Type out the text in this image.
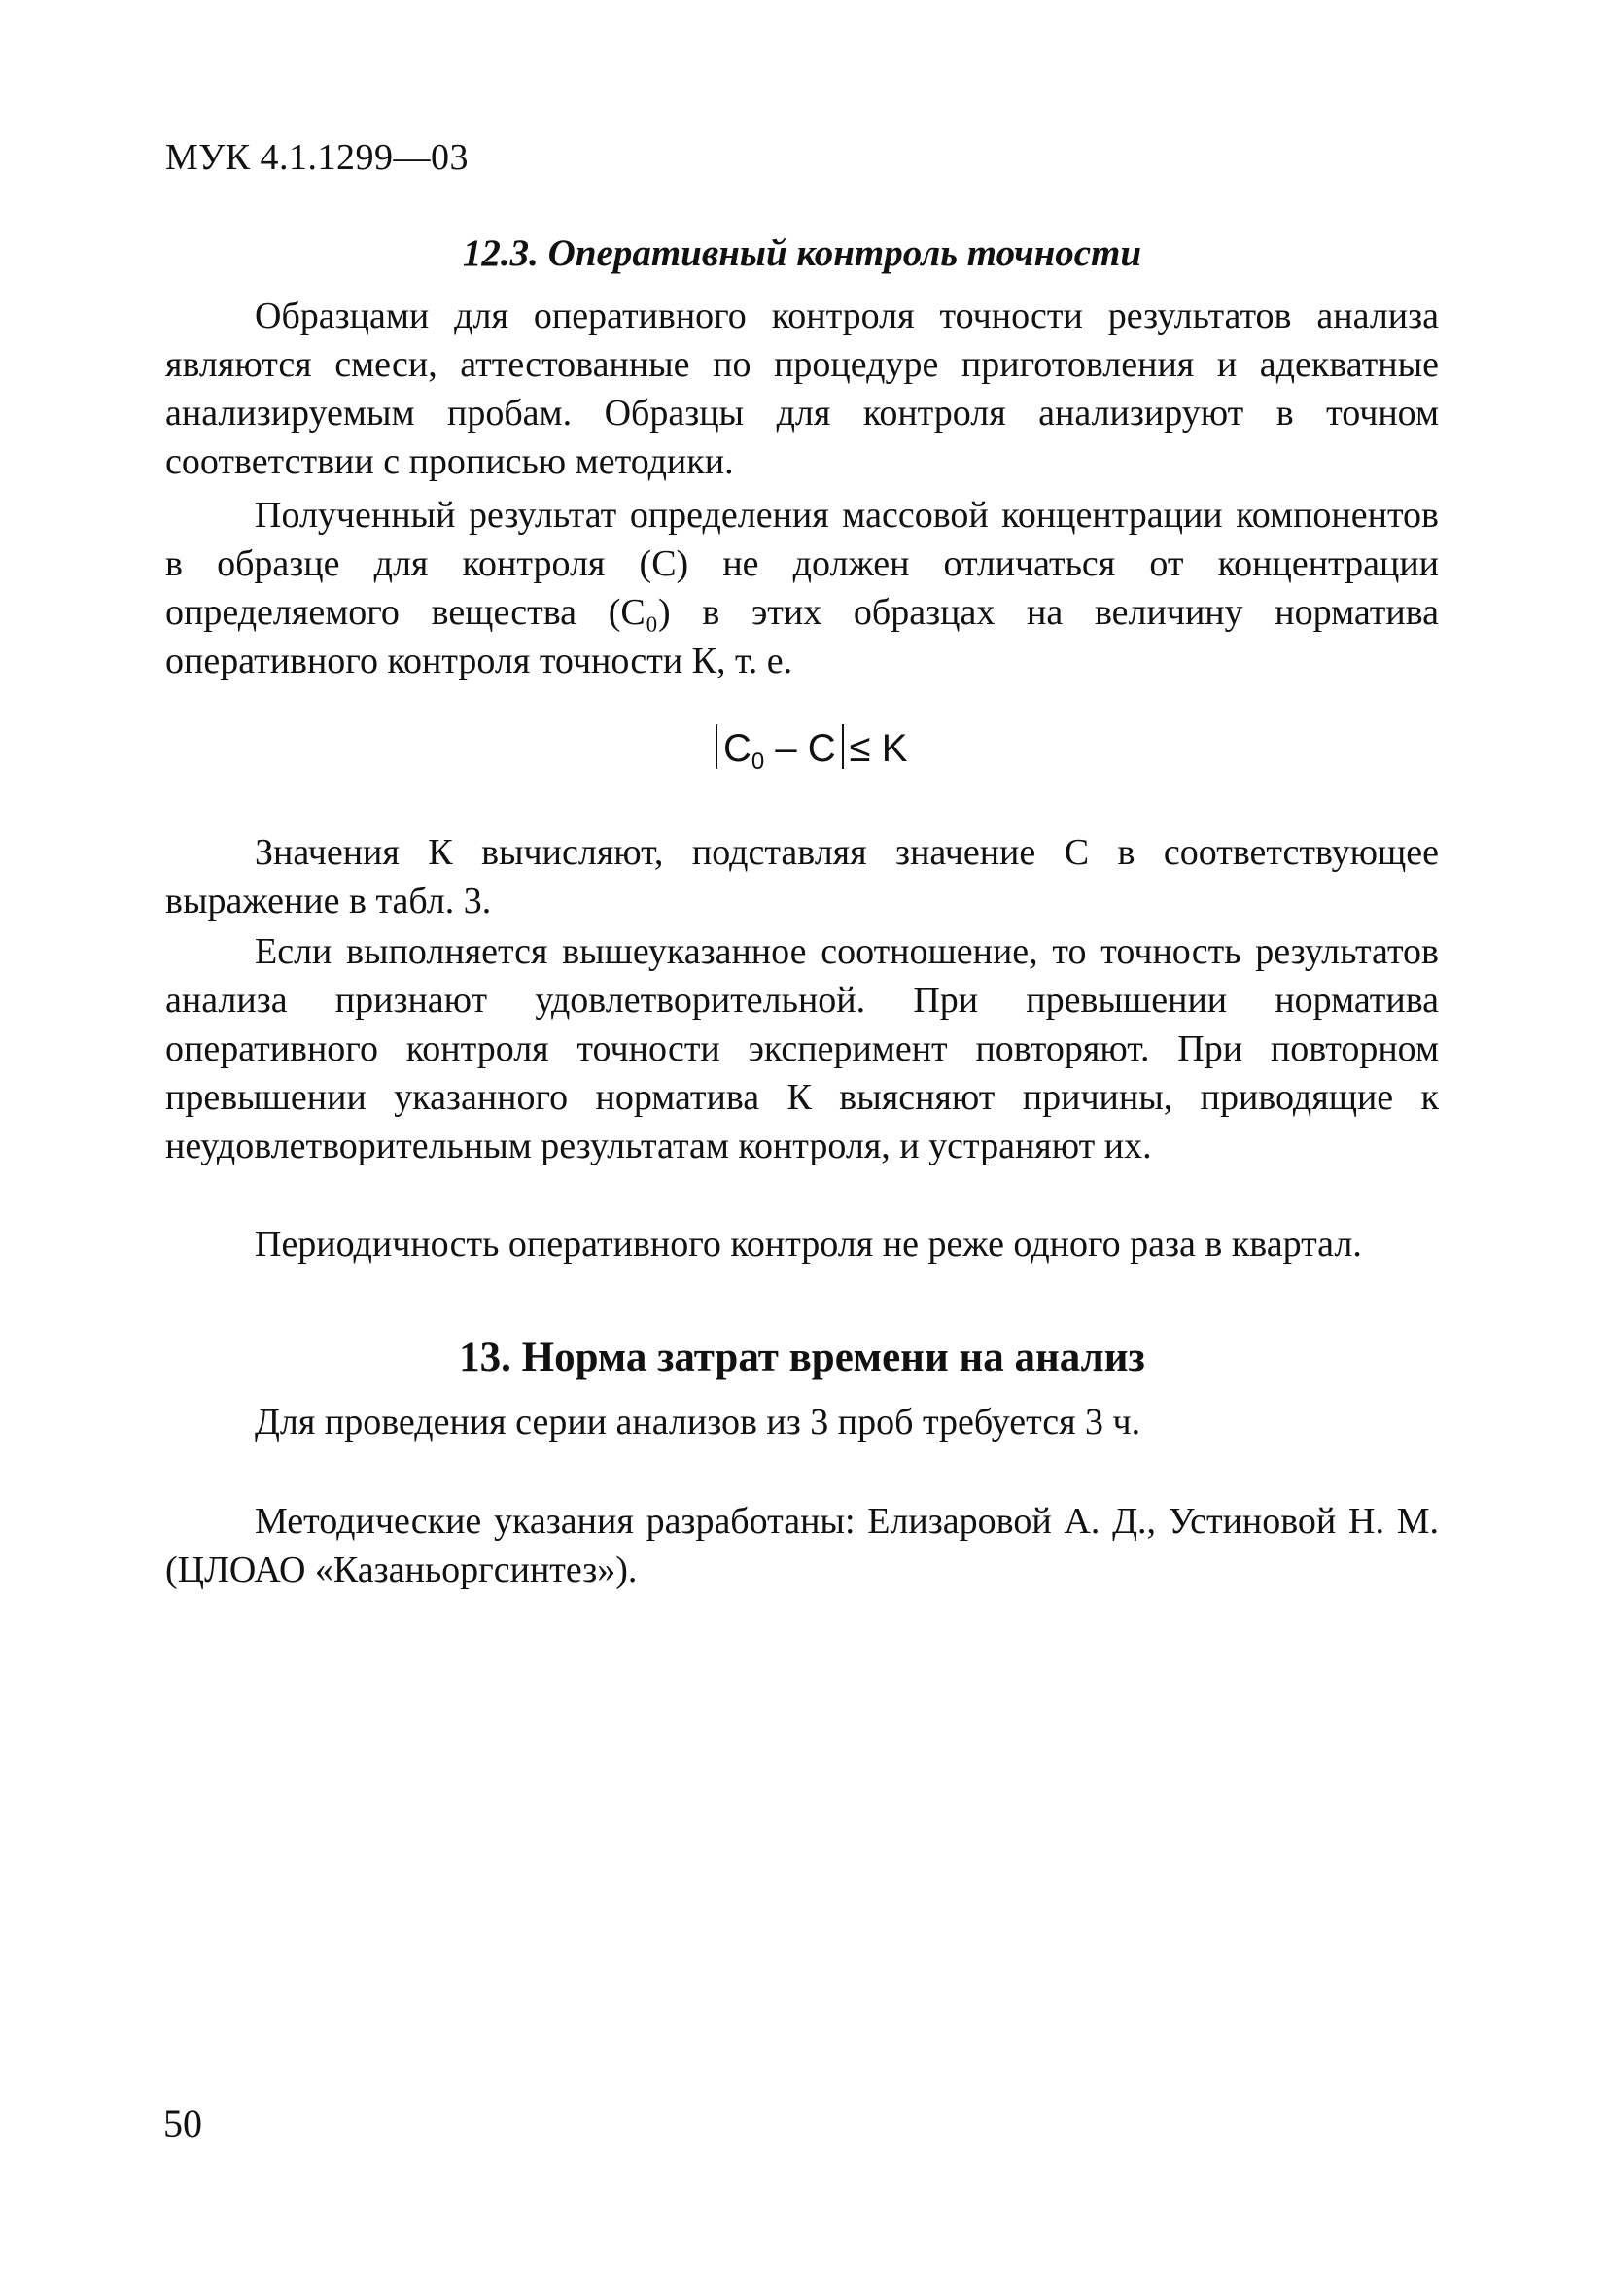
МУК 4.1.1299—03
12.3. Оперативный контроль точности

Образцами для оперативного контроля точности результатов анализа являются смеси, аттестованные по процедуре приготовления и адекватные анализируемым пробам. Образцы для контроля анализируют в точном соответствии с прописью методики.

Полученный результат определения массовой концентрации компонентов в образце для контроля (С) не должен отличаться от концентрации определяемого вещества (С₀) в этих образцах на величину норматива оперативного контроля точности К, т. е.

$C_0 - C \le K$

Значения К вычисляют, подставляя значение С в соответствующее выражение в табл. 3.

Если выполняется вышеуказанное соотношение, то точность результатов анализа признают удовлетворительной. При превышении норматива оперативного контроля точности эксперимент повторяют. При повторном превышении указанного норматива К выясняют причины, приводящие к неудовлетворительным результатам контроля, и устраняют их.

Периодичность оперативного контроля не реже одного раза в квартал.

13. Норма затрат времени на анализ

Для проведения серии анализов из 3 проб требуется 3 ч.

Методические указания разработаны: Елизаровой А. Д., Устиновой Н. М. (ЦЛОАО «Казаньоргсинтез»).

50
